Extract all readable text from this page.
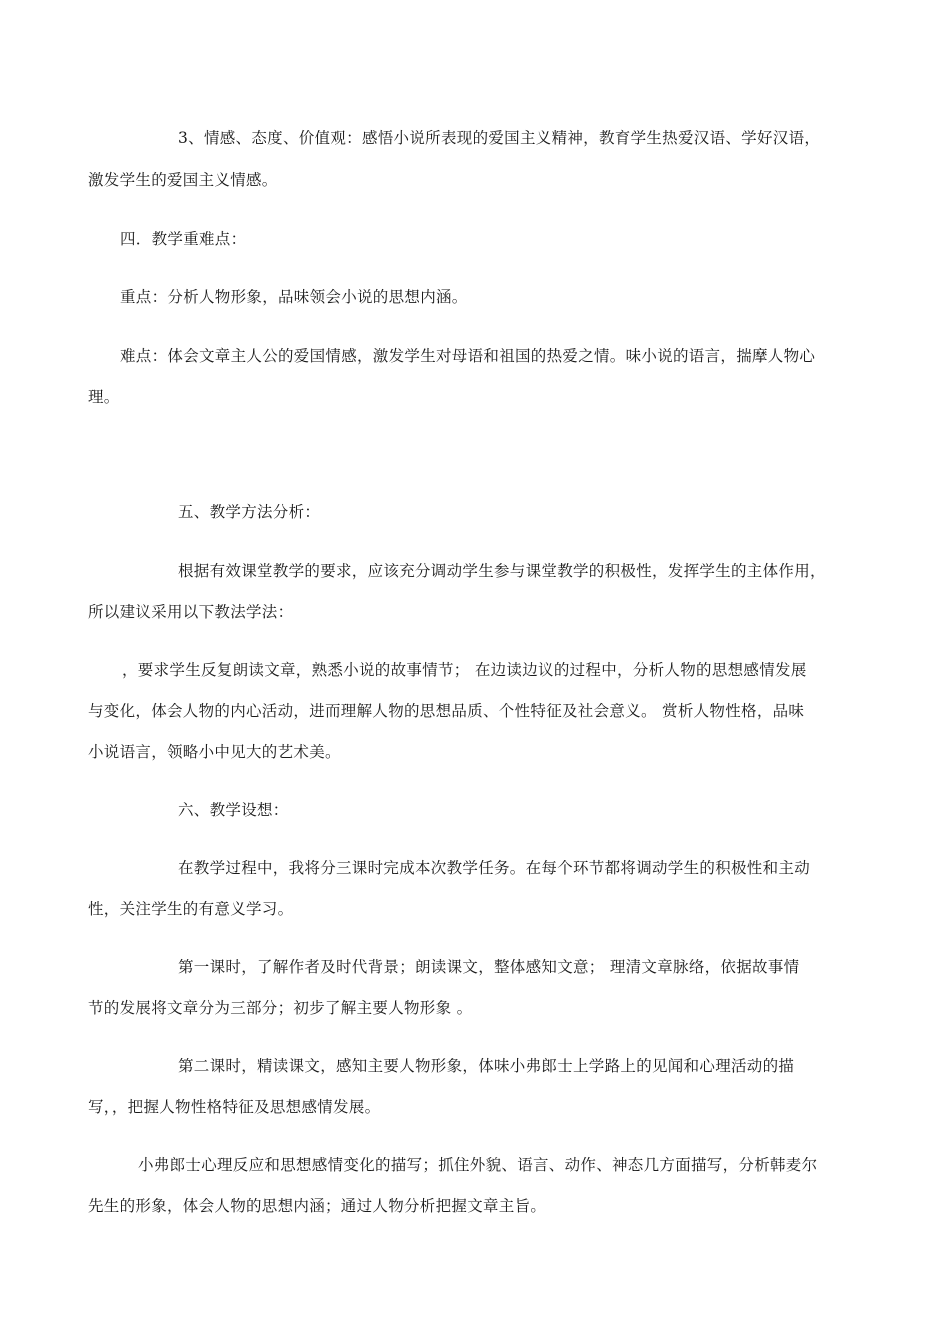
3、情感、态度、价值观：感悟小说所表现的爱国主义精神，教育学生热爱汉语、学好汉语，
激发学生的爱国主义情感。
四．教学重难点：
重点：分析人物形象，品味领会小说的思想内涵。
难点：体会文章主人公的爱国情感，激发学生对母语和祖国的热爱之情。味小说的语言，揣摩人物心
理。
五、教学方法分析：
根据有效课堂教学的要求，应该充分调动学生参与课堂教学的积极性，发挥学生的主体作用，
所以建议采用以下教法学法：
，要求学生反复朗读文章，熟悉小说的故事情节； 在边读边议的过程中，分析人物的思想感情发展
与变化，体会人物的内心活动，进而理解人物的思想品质、个性特征及社会意义。 赏析人物性格，品味
小说语言，领略小中见大的艺术美。
六、教学设想：
在教学过程中，我将分三课时完成本次教学任务。在每个环节都将调动学生的积极性和主动
性，关注学生的有意义学习。
第一课时，了解作者及时代背景；朗读课文，整体感知文意； 理清文章脉络，依据故事情
节的发展将文章分为三部分；初步了解主要人物形象 。
第二课时，精读课文，感知主要人物形象，体味小弗郎士上学路上的见闻和心理活动的描
写，，把握人物性格特征及思想感情发展。
小弗郎士心理反应和思想感情变化的描写；抓住外貌、语言、动作、神态几方面描写，分析韩麦尔
先生的形象，体会人物的思想内涵；通过人物分析把握文章主旨。
